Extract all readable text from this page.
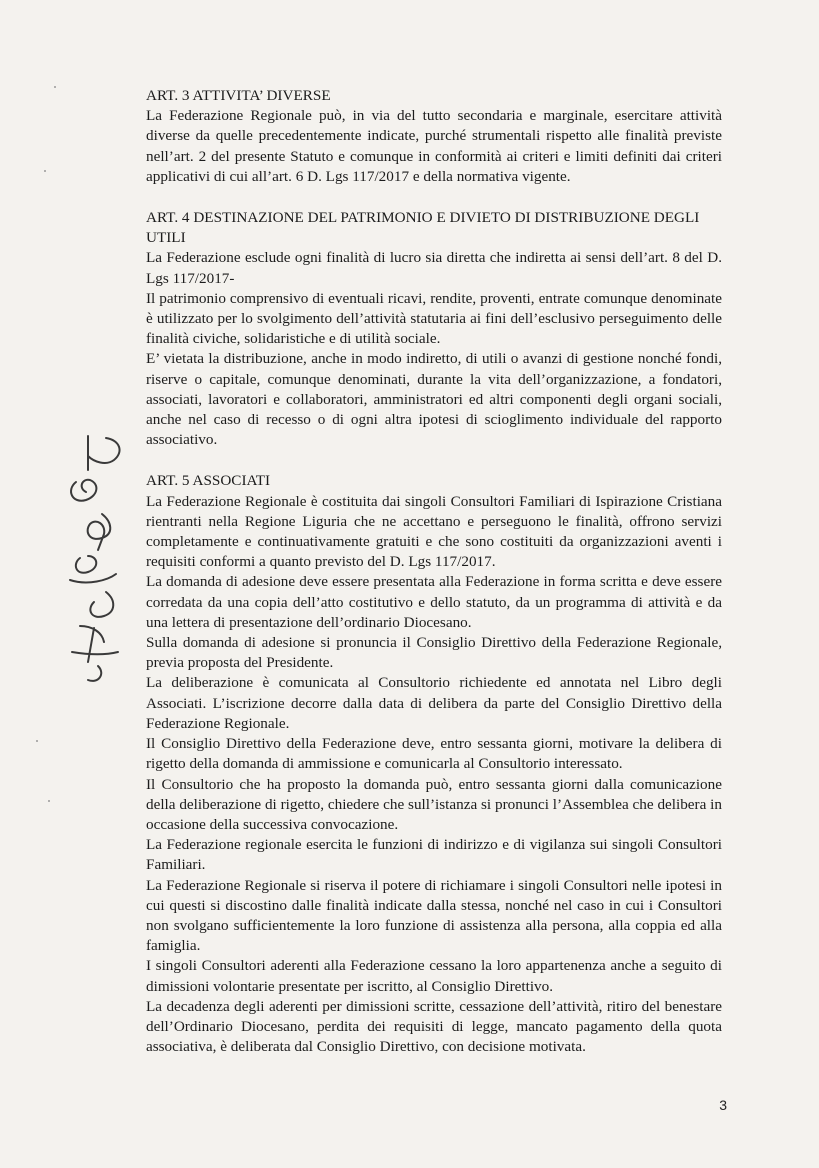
ART. 3 ATTIVITA’ DIVERSE

La Federazione Regionale può, in via del tutto secondaria e marginale, esercitare attività diverse da quelle precedentemente indicate, purché strumentali rispetto alle finalità previste nell’art. 2 del presente Statuto e comunque in conformità ai criteri e limiti definiti dai criteri applicativi di cui all’art. 6 D. Lgs 117/2017 e della normativa vigente.

ART. 4 DESTINAZIONE DEL PATRIMONIO E DIVIETO DI DISTRIBUZIONE DEGLI UTILI

La Federazione esclude ogni finalità di lucro sia diretta che indiretta ai sensi dell’art. 8 del D. Lgs 117/2017-

Il patrimonio comprensivo di eventuali ricavi, rendite, proventi, entrate comunque denominate è utilizzato per lo svolgimento dell’attività statutaria ai fini dell’esclusivo perseguimento delle finalità civiche, solidaristiche e di utilità sociale.

E’ vietata la distribuzione, anche in modo indiretto, di utili o avanzi di gestione nonché fondi, riserve o capitale, comunque denominati, durante la vita dell’organizzazione, a fondatori, associati, lavoratori e collaboratori, amministratori ed altri componenti degli organi sociali, anche nel caso di recesso o di ogni altra ipotesi di scioglimento individuale del rapporto associativo.

ART. 5 ASSOCIATI

La Federazione Regionale è costituita dai singoli Consultori Familiari di Ispirazione Cristiana rientranti nella Regione Liguria che ne accettano e perseguono le finalità, offrono servizi completamente e continuativamente gratuiti e che sono costituiti da organizzazioni aventi i requisiti conformi a quanto previsto del D. Lgs 117/2017.

La domanda di adesione deve essere presentata alla Federazione in forma scritta e deve essere corredata da una copia dell’atto costitutivo e dello statuto, da un programma di attività e da una lettera di presentazione dell’ordinario Diocesano.

Sulla domanda di adesione si pronuncia il Consiglio Direttivo della Federazione Regionale, previa proposta del Presidente.

La deliberazione è comunicata al Consultorio richiedente ed annotata nel Libro degli Associati. L’iscrizione decorre dalla data di delibera da parte del Consiglio Direttivo della Federazione Regionale.

Il Consiglio Direttivo della Federazione deve, entro sessanta giorni, motivare la delibera di rigetto della domanda di ammissione e comunicarla al Consultorio interessato.

Il Consultorio che ha proposto la domanda può, entro sessanta giorni dalla comunicazione della deliberazione di rigetto, chiedere che sull’istanza si pronunci l’Assemblea che delibera in occasione della successiva convocazione.

La Federazione regionale esercita le funzioni di indirizzo e di vigilanza sui singoli Consultori Familiari.

La Federazione Regionale si riserva il potere di richiamare i singoli Consultori nelle ipotesi in cui questi si discostino dalle finalità indicate dalla stessa, nonché nel caso in cui i Consultori non svolgano sufficientemente la loro funzione di assistenza alla persona, alla coppia ed alla famiglia.

I singoli Consultori aderenti alla Federazione cessano la loro appartenenza anche a seguito di dimissioni volontarie presentate per iscritto, al Consiglio Direttivo.

La decadenza degli aderenti per dimissioni scritte, cessazione dell’attività, ritiro del benestare dell’Ordinario Diocesano, perdita dei requisiti di legge, mancato pagamento della quota associativa, è deliberata dal Consiglio Direttivo, con decisione motivata.

3
